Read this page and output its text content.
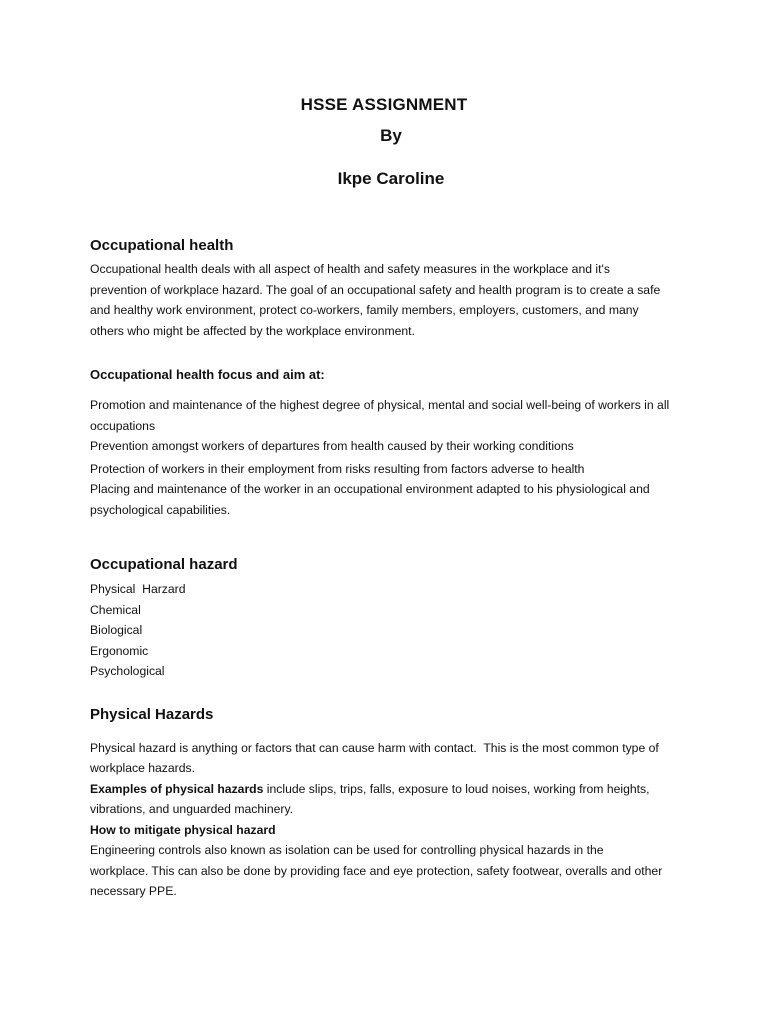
HSSE ASSIGNMENT
By
Ikpe Caroline
Occupational health

Occupational health deals with all aspect of health and safety measures in the workplace and it's prevention of workplace hazard. The goal of an occupational safety and health program is to create a safe and healthy work environment, protect co-workers, family members, employers, customers, and many others who might be affected by the workplace environment.

Occupational health focus and aim at:

Promotion and maintenance of the highest degree of physical, mental and social well-being of workers in all occupations

Prevention amongst workers of departures from health caused by their working conditions

Protection of workers in their employment from risks resulting from factors adverse to health

Placing and maintenance of the worker in an occupational environment adapted to his physiological and psychological capabilities.

Occupational hazard

Physical  Harzard

Chemical

Biological

Ergonomic

Psychological

Physical Hazards

Physical hazard is anything or factors that can cause harm with contact.  This is the most common type of workplace hazards.

Examples of physical hazards include slips, trips, falls, exposure to loud noises, working from heights, vibrations, and unguarded machinery.

How to mitigate physical hazard

Engineering controls also known as isolation can be used for controlling physical hazards in the workplace. This can also be done by providing face and eye protection, safety footwear, overalls and other necessary PPE.
